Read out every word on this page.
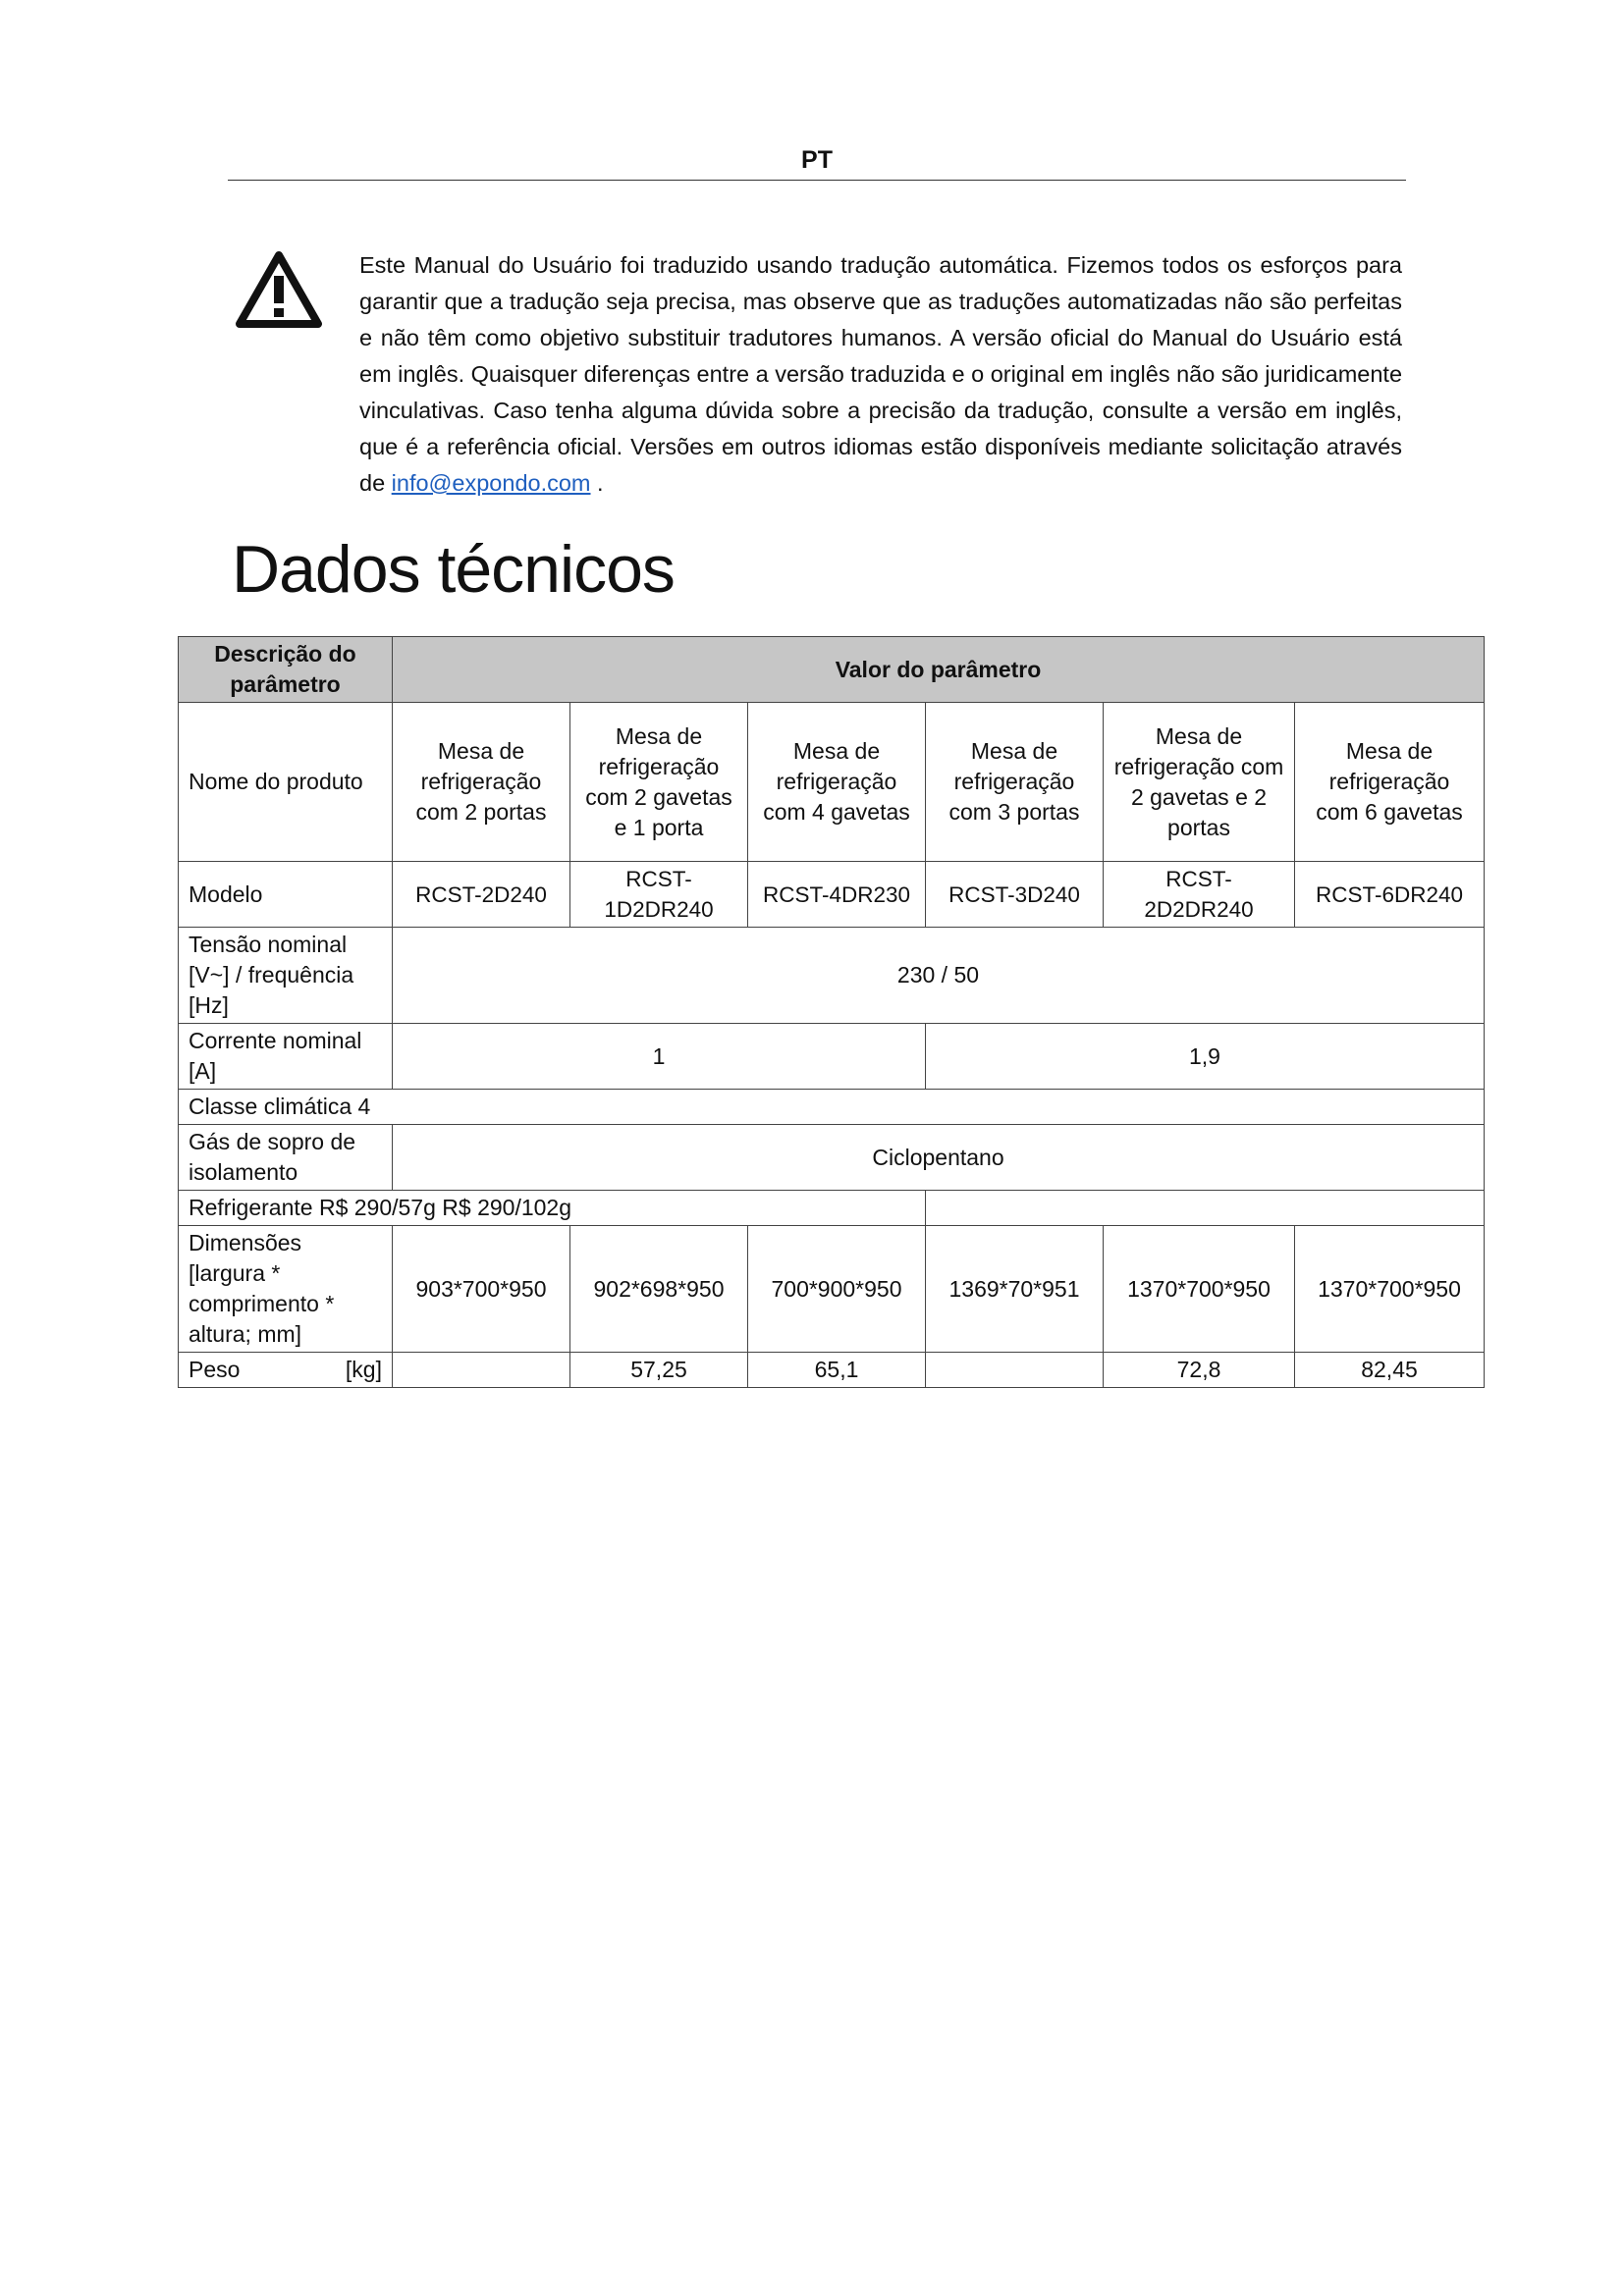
PT
Este Manual do Usuário foi traduzido usando tradução automática. Fizemos todos os esforços para garantir que a tradução seja precisa, mas observe que as traduções automatizadas não são perfeitas e não têm como objetivo substituir tradutores humanos. A versão oficial do Manual do Usuário está em inglês. Quaisquer diferenças entre a versão traduzida e o original em inglês não são juridicamente vinculativas. Caso tenha alguma dúvida sobre a precisão da tradução, consulte a versão em inglês, que é a referência oficial. Versões em outros idiomas estão disponíveis mediante solicitação através de info@expondo.com .
Dados técnicos
Descrição do parâmetro	Valor do parâmetro					
Nome do produto	Mesa de refrigeração com 2 portas	Mesa de refrigeração com 2 gavetas e 1 porta	Mesa de refrigeração com 4 gavetas	Mesa de refrigeração com 3 portas	Mesa de refrigeração com 2 gavetas e 2 portas	Mesa de refrigeração com 6 gavetas
Modelo	RCST-2D240	RCST-1D2DR240	RCST-4DR230	RCST-3D240	RCST-2D2DR240	RCST-6DR240
Tensão nominal [V~] / frequência [Hz]	230 / 50					
Corrente nominal [A]	1			1,9		
Classe climática 4						
Gás de sopro de isolamento	Ciclopentano					
Refrigerante R$ 290/57g R$ 290/102g						
Dimensões [largura * comprimento * altura; mm]	903*700*950	902*698*950	700*900*950	1369*70*951	1370*700*950	1370*700*950
Peso [kg]		57,25	65,1		72,8	82,45
